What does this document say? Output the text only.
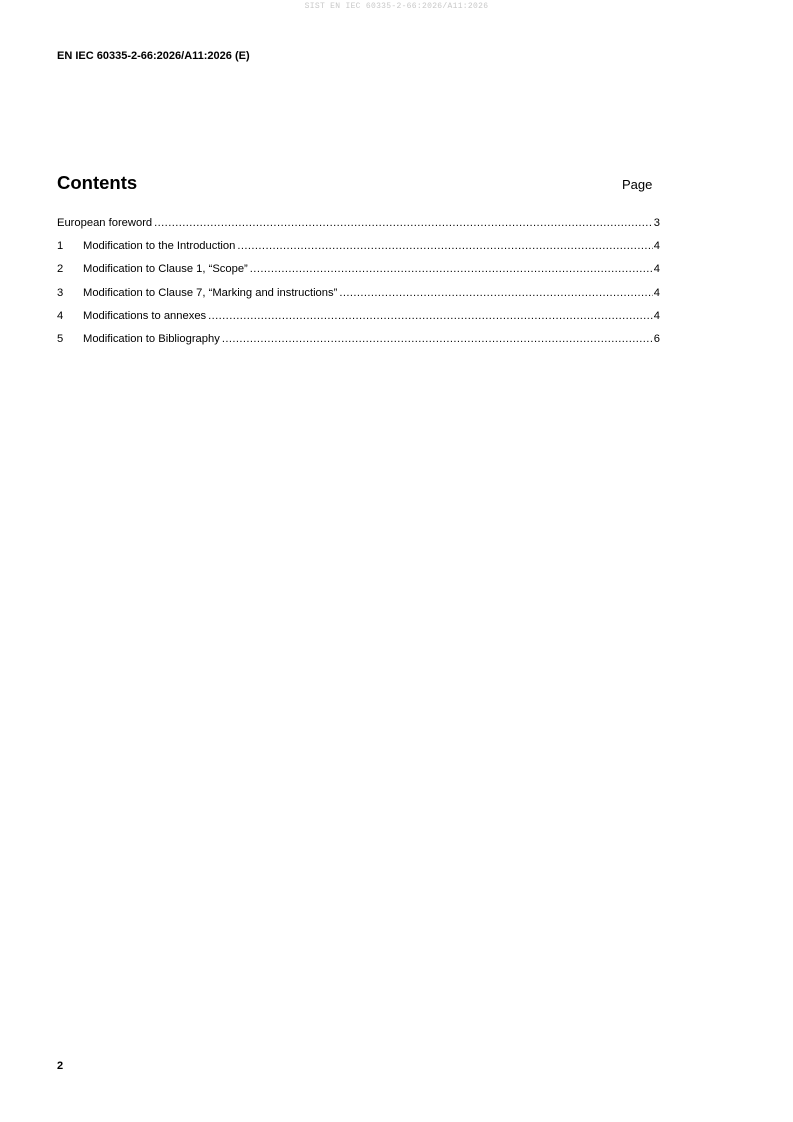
SIST EN IEC 60335-2-66:2026/A11:2026
EN IEC 60335-2-66:2026/A11:2026 (E)
Contents	Page
European foreword .....	3
1	Modification to the Introduction .....	4
2	Modification to Clause 1, “Scope” .....	4
3	Modification to Clause 7, “Marking and instructions” .....	4
4	Modifications to annexes .....	4
5	Modification to Bibliography .....	6
2
